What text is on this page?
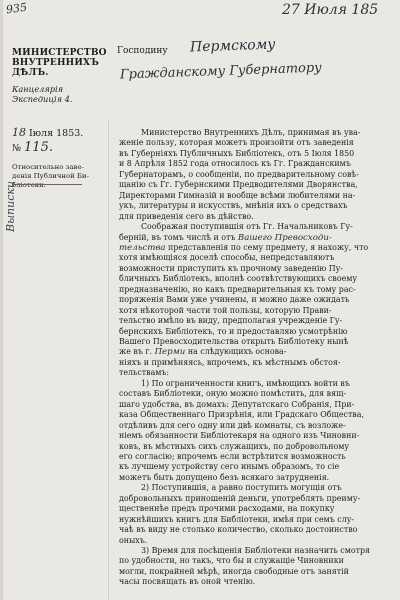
935	27 Июля 185
МИНИСТЕРСТВО
ВНУТРЕННИХЪ
ДѢЛЪ.
Канцелярія
Экспедиція 4.
Господину Пермскому
Гражданскому Губернатору
18 Іюля 1853.
№ 115.
Относительно заве-
денія Публичной Би-
бліотеки.
Выписки
Министерство Внутреннихъ Дѣлъ, принимая въ ува-
женіе пользу, которая можетъ произойти отъ заведенія
въ Губерніяхъ Публичныхъ Библіотекъ, отъ 5 Іюля 1850
и 8 Апрѣля 1852 года относилось къ Гг. Гражданскимъ
Губернаторамъ, о сообщеніи, по предварительному совѣ-
щанію съ Гг. Губернскими Предводителями Дворянства,
Директорами Гимназій и вообще всѣми любителями на-
укъ, литературы и искусствъ, мнѣнія ихъ о средствахъ
для приведенія сего въ дѣйство.
Соображая поступившія отъ Гг. Начальниковъ Гу-
берній, въ томъ числѣ и отъ Вашего Превосходи-
тельства представленія по сему предмету, я нахожу, что
хотя имѣющіяся доселѣ способы, непредставляютъ
возможности приступить къ прочному заведенію Пу-
бличныхъ Библіотекъ, вполнѣ соотвѣтствующихъ своему
предназначенію, но какъ предварительныя къ тому рас-
поряженія Вами уже учинены, и можно даже ожидать
хотя нѣкоторой части той пользы, которую Прави-
тельство имѣло въ виду, предполагая учрежденіе Гу-
бернскихъ Библіотекъ, то и предоставляю усмотрѣнію
Вашего Превосходительства открыть Библіотеку нынѣ
же въ г. Перми на слѣдующихъ основа-
ніяхъ и примѣняясь, впрочемъ, къ мѣстнымъ обстоя-
тельствамъ:
1) По ограниченности книгъ, имѣющихъ войти въ
составъ Библіотеки, оную можно помѣстить, для вящ-
шаго удобства, въ домахъ: Депутатскаго Собранія, При-
каза Общественнаго Призрѣнія, или Градскаго Общества,
отдѣливъ для сего одну или двѣ комнаты, съ возложе-
ніемъ обязанности Библіотекаря на одного изъ Чиновни-
ковъ, въ мѣстныхъ сихъ служащихъ, по добровольному
его согласію; впрочемъ если встрѣтится возможность
къ лучшему устройству сего инымъ образомъ, то сіе
можетъ быть допущено безъ всякаго затрудненія.
2) Поступившія, а равно поступить могущія отъ
добровольныхъ приношеній деньги, употреблять преиму-
щественнѣе предъ прочими расходами, на покупку
нужнѣйшихъ книгъ для Библіотеки, имѣя при семъ слу-
чаѣ въ виду не столько количество, сколько достоинство
оныхъ.
3) Время для посѣщенія Библіотеки назначить смотря
по удобности, но такъ, что бы и служащіе Чиновники
могли, покрайней мѣрѣ, иногда свободные отъ занятій
часы посвящать въ оной чтенію.
